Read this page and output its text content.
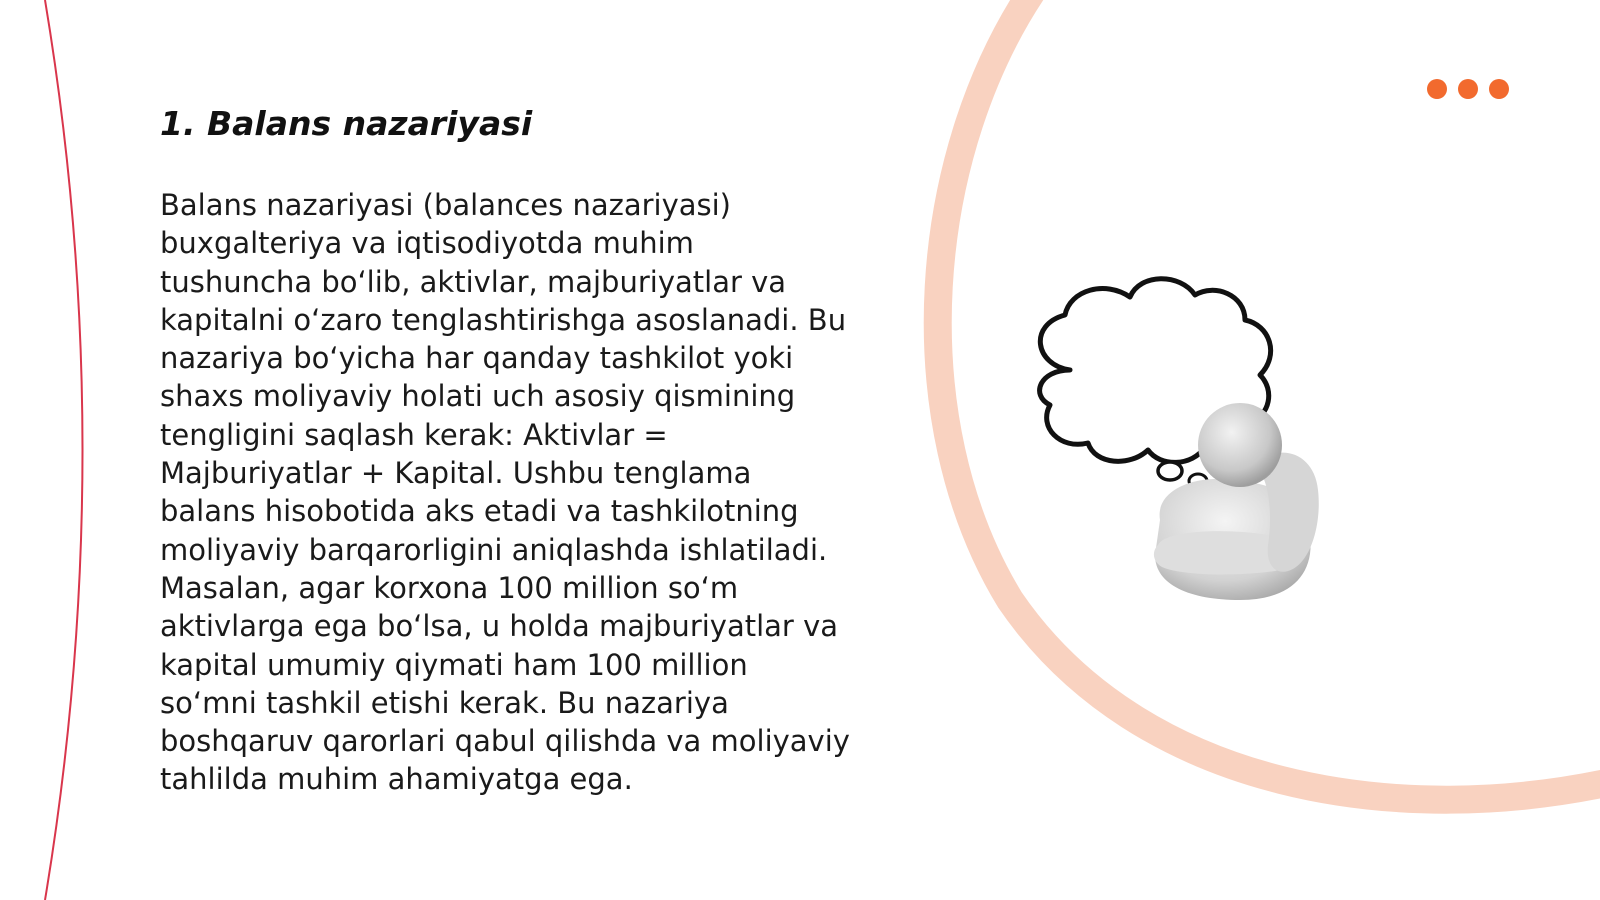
1. Balans nazariyasi

Balans nazariyasi (balances nazariyasi) buxgalteriya va iqtisodiyotda muhim tushuncha bo‘lib, aktivlar, majburiyatlar va kapitalni o‘zaro tenglashtirishga asoslanadi. Bu nazariya bo‘yicha har qanday tashkilot yoki shaxs moliyaviy holati uch asosiy qismining tengligini saqlash kerak: Aktivlar = Majburiyatlar + Kapital. Ushbu tenglama balans hisobotida aks etadi va tashkilotning moliyaviy barqarorligini aniqlashda ishlatiladi. Masalan, agar korxona 100 million so‘m aktivlarga ega bo‘lsa, u holda majburiyatlar va kapital umumiy qiymati ham 100 million so‘mni tashkil etishi kerak. Bu nazariya boshqaruv qarorlari qabul qilishda va moliyaviy tahlilda muhim ahamiyatga ega.
